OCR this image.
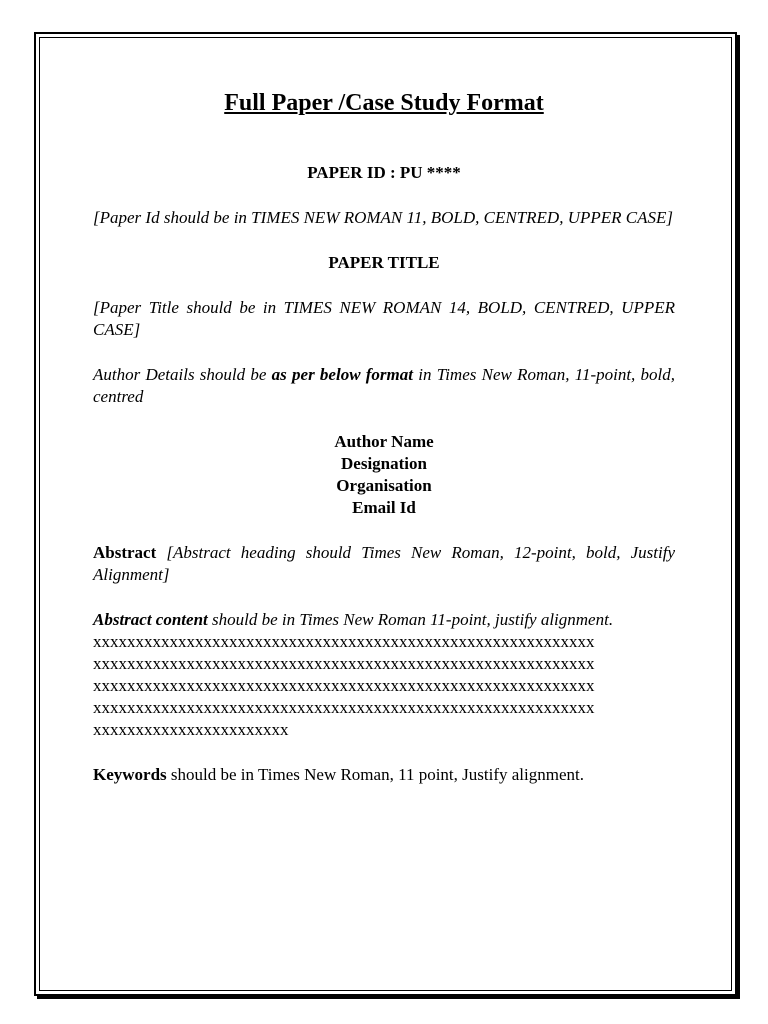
Full Paper /Case Study Format

PAPER ID : PU ****

[Paper Id should be in TIMES NEW ROMAN 11, BOLD, CENTRED, UPPER CASE]

PAPER TITLE

[Paper Title should be in TIMES NEW ROMAN 14, BOLD, CENTRED, UPPER CASE]

Author Details should be as per below format in Times New Roman, 11-point, bold, centred

Author Name

Designation

Organisation

Email Id

Abstract [Abstract heading should Times New Roman, 12-point, bold, Justify Alignment]

Abstract content should be in Times New Roman 11-point, justify alignment.

xxxxxxxxxxxxxxxxxxxxxxxxxxxxxxxxxxxxxxxxxxxxxxxxxxxxxxxxxxx

xxxxxxxxxxxxxxxxxxxxxxxxxxxxxxxxxxxxxxxxxxxxxxxxxxxxxxxxxxx

xxxxxxxxxxxxxxxxxxxxxxxxxxxxxxxxxxxxxxxxxxxxxxxxxxxxxxxxxxx

xxxxxxxxxxxxxxxxxxxxxxxxxxxxxxxxxxxxxxxxxxxxxxxxxxxxxxxxxxx

xxxxxxxxxxxxxxxxxxxxxxx

Keywords should be in Times New Roman, 11 point, Justify alignment.
